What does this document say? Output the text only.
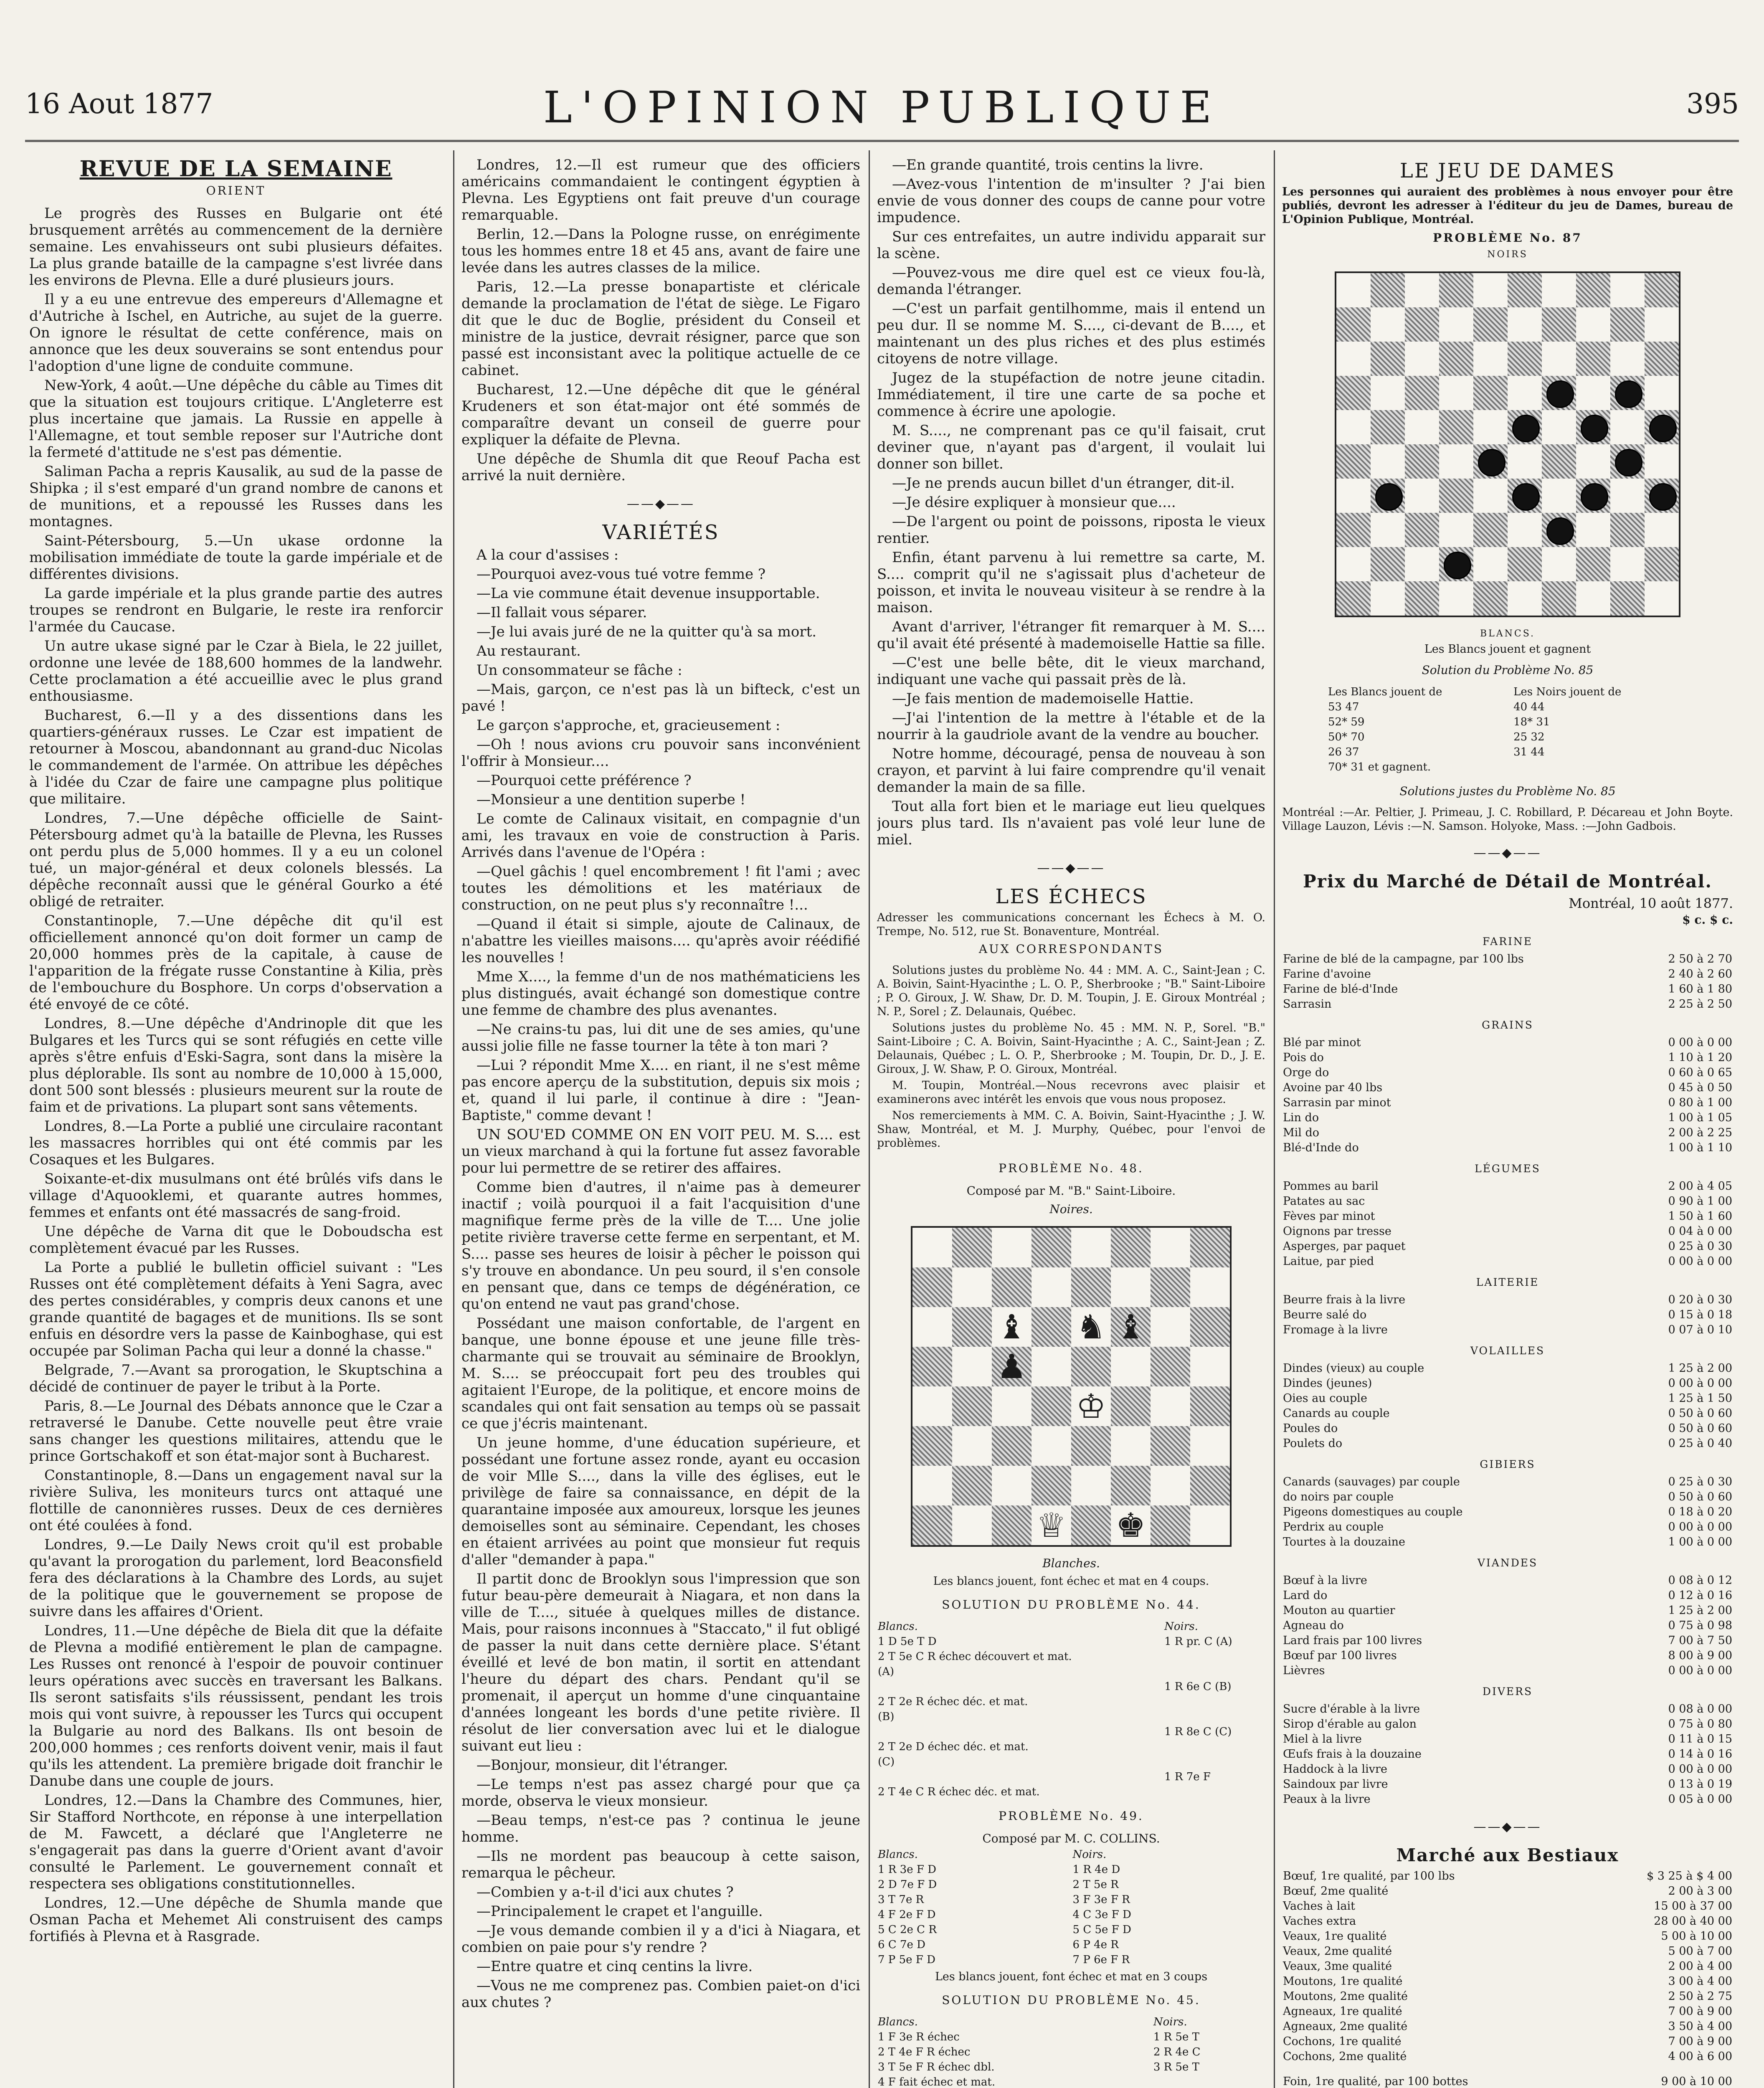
16 Aout 1877	L'OPINION PUBLIQUE	395
REVUE DE LA SEMAINE
ORIENT

Le progrès des Russes en Bulgarie ont été brusquement arrêtés au commencement de la dernière semaine. Les envahisseurs ont subi plusieurs défaites. La plus grande bataille de la campagne s'est livrée dans les environs de Plevna. Elle a duré plusieurs jours.

Il y a eu une entrevue des empereurs d'Allemagne et d'Autriche à Ischel, en Autriche, au sujet de la guerre. On ignore le résultat de cette conférence, mais on annonce que les deux souverains se sont entendus pour l'adoption d'une ligne de conduite commune.

New-York, 4 août.—Une dépêche du câble au Times dit que la situation est toujours critique. L'Angleterre est plus incertaine que jamais. La Russie en appelle à l'Allemagne, et tout semble reposer sur l'Autriche dont la fermeté d'attitude ne s'est pas démentie.

Saliman Pacha a repris Kausalik, au sud de la passe de Shipka ; il s'est emparé d'un grand nombre de canons et de munitions, et a repoussé les Russes dans les montagnes.

Saint-Pétersbourg, 5.—Un ukase ordonne la mobilisation immédiate de toute la garde impériale et de différentes divisions.

La garde impériale et la plus grande partie des autres troupes se rendront en Bulgarie, le reste ira renforcir l'armée du Caucase.

Un autre ukase signé par le Czar à Biela, le 22 juillet, ordonne une levée de 188,600 hommes de la landwehr. Cette proclamation a été accueillie avec le plus grand enthousiasme.

Bucharest, 6.—Il y a des dissentions dans les quartiers-généraux russes. Le Czar est impatient de retourner à Moscou, abandonnant au grand-duc Nicolas le commandement de l'armée. On attribue les dépêches à l'idée du Czar de faire une campagne plus politique que militaire.

Londres, 7.—Une dépêche officielle de Saint-Pétersbourg admet qu'à la bataille de Plevna, les Russes ont perdu plus de 5,000 hommes. Il y a eu un colonel tué, un major-général et deux colonels blessés. La dépêche reconnaît aussi que le général Gourko a été obligé de retraiter.

Constantinople, 7.—Une dépêche dit qu'il est officiellement annoncé qu'on doit former un camp de 20,000 hommes près de la capitale, à cause de l'apparition de la frégate russe Constantine à Kilia, près de l'embouchure du Bosphore. Un corps d'observation a été envoyé de ce côté.

Londres, 8.—Une dépêche d'Andrinople dit que les Bulgares et les Turcs qui se sont réfugiés en cette ville après s'être enfuis d'Eski-Sagra, sont dans la misère la plus déplorable. Ils sont au nombre de 10,000 à 15,000, dont 500 sont blessés : plusieurs meurent sur la route de faim et de privations. La plupart sont sans vêtements.

Londres, 8.—La Porte a publié une circulaire racontant les massacres horribles qui ont été commis par les Cosaques et les Bulgares.

Soixante-et-dix musulmans ont été brûlés vifs dans le village d'Aquooklemi, et quarante autres hommes, femmes et enfants ont été massacrés de sang-froid.

Une dépêche de Varna dit que le Doboudscha est complètement évacué par les Russes.

La Porte a publié le bulletin officiel suivant : "Les Russes ont été complètement défaits à Yeni Sagra, avec des pertes considérables, y compris deux canons et une grande quantité de bagages et de munitions. Ils se sont enfuis en désordre vers la passe de Kainboghase, qui est occupée par Soliman Pacha qui leur a donné la chasse."

Belgrade, 7.—Avant sa prorogation, le Skuptschina a décidé de continuer de payer le tribut à la Porte.

Paris, 8.—Le Journal des Débats annonce que le Czar a retraversé le Danube. Cette nouvelle peut être vraie sans changer les questions militaires, attendu que le prince Gortschakoff et son état-major sont à Bucharest.

Constantinople, 8.—Dans un engagement naval sur la rivière Suliva, les moniteurs turcs ont attaqué une flottille de canonnières russes. Deux de ces dernières ont été coulées à fond.

Londres, 9.—Le Daily News croit qu'il est probable qu'avant la prorogation du parlement, lord Beaconsfield fera des déclarations à la Chambre des Lords, au sujet de la politique que le gouvernement se propose de suivre dans les affaires d'Orient.

Londres, 11.—Une dépêche de Biela dit que la défaite de Plevna a modifié entièrement le plan de campagne. Les Russes ont renoncé à l'espoir de pouvoir continuer leurs opérations avec succès en traversant les Balkans. Ils seront satisfaits s'ils réussissent, pendant les trois mois qui vont suivre, à repousser les Turcs qui occupent la Bulgarie au nord des Balkans. Ils ont besoin de 200,000 hommes ; ces renforts doivent venir, mais il faut qu'ils les attendent. La première brigade doit franchir le Danube dans une couple de jours.

Londres, 12.—Dans la Chambre des Communes, hier, Sir Stafford Northcote, en réponse à une interpellation de M. Fawcett, a déclaré que l'Angleterre ne s'engagerait pas dans la guerre d'Orient avant d'avoir consulté le Parlement. Le gouvernement connaît et respectera ses obligations constitutionnelles.

Londres, 12.—Une dépêche de Shumla mande que Osman Pacha et Mehemet Ali construisent des camps fortifiés à Plevna et à Rasgrade.

Londres, 12.—Il est rumeur que des officiers américains commandaient le contingent égyptien à Plevna. Les Egyptiens ont fait preuve d'un courage remarquable.

Berlin, 12.—Dans la Pologne russe, on enrégimente tous les hommes entre 18 et 45 ans, avant de faire une levée dans les autres classes de la milice.

Paris, 12.—La presse bonapartiste et cléricale demande la proclamation de l'état de siège. Le Figaro dit que le duc de Boglie, président du Conseil et ministre de la justice, devrait résigner, parce que son passé est inconsistant avec la politique actuelle de ce cabinet.

Bucharest, 12.—Une dépêche dit que le général Krudeners et son état-major ont été sommés de comparaître devant un conseil de guerre pour expliquer la défaite de Plevna.

Une dépêche de Shumla dit que Reouf Pacha est arrivé la nuit dernière.

——◆——
VARIÉTÉS

A la cour d'assises :

—Pourquoi avez-vous tué votre femme ?

—La vie commune était devenue insupportable.

—Il fallait vous séparer.

—Je lui avais juré de ne la quitter qu'à sa mort.

Au restaurant.

Un consommateur se fâche :

—Mais, garçon, ce n'est pas là un bifteck, c'est un pavé !

Le garçon s'approche, et, gracieusement :

—Oh ! nous avions cru pouvoir sans inconvénient l'offrir à Monsieur....

—Pourquoi cette préférence ?

—Monsieur a une dentition superbe !

Le comte de Calinaux visitait, en compagnie d'un ami, les travaux en voie de construction à Paris. Arrivés dans l'avenue de l'Opéra :

—Quel gâchis ! quel encombrement ! fit l'ami ; avec toutes les démolitions et les matériaux de construction, on ne peut plus s'y reconnaître !...

—Quand il était si simple, ajoute de Calinaux, de n'abattre les vieilles maisons.... qu'après avoir réédifié les nouvelles !

Mme X...., la femme d'un de nos mathématiciens les plus distingués, avait échangé son domestique contre une femme de chambre des plus avenantes.

—Ne crains-tu pas, lui dit une de ses amies, qu'une aussi jolie fille ne fasse tourner la tête à ton mari ?

—Lui ? répondit Mme X.... en riant, il ne s'est même pas encore aperçu de la substitution, depuis six mois ; et, quand il lui parle, il continue à dire : "Jean-Baptiste," comme devant !

UN SOU'ED COMME ON EN VOIT PEU. M. S.... est un vieux marchand à qui la fortune fut assez favorable pour lui permettre de se retirer des affaires.

Comme bien d'autres, il n'aime pas à demeurer inactif ; voilà pourquoi il a fait l'acquisition d'une magnifique ferme près de la ville de T.... Une jolie petite rivière traverse cette ferme en serpentant, et M. S.... passe ses heures de loisir à pêcher le poisson qui s'y trouve en abondance. Un peu sourd, il s'en console en pensant que, dans ce temps de dégénération, ce qu'on entend ne vaut pas grand'chose.

Possédant une maison confortable, de l'argent en banque, une bonne épouse et une jeune fille très-charmante qui se trouvait au séminaire de Brooklyn, M. S.... se préoccupait fort peu des troubles qui agitaient l'Europe, de la politique, et encore moins de scandales qui ont fait sensation au temps où se passait ce que j'écris maintenant.

Un jeune homme, d'une éducation supérieure, et possédant une fortune assez ronde, ayant eu occasion de voir Mlle S...., dans la ville des églises, eut le privilège de faire sa connaissance, en dépit de la quarantaine imposée aux amoureux, lorsque les jeunes demoiselles sont au séminaire. Cependant, les choses en étaient arrivées au point que monsieur fut requis d'aller "demander à papa."

Il partit donc de Brooklyn sous l'impression que son futur beau-père demeurait à Niagara, et non dans la ville de T...., située à quelques milles de distance. Mais, pour raisons inconnues à "Staccato," il fut obligé de passer la nuit dans cette dernière place. S'étant éveillé et levé de bon matin, il sortit en attendant l'heure du départ des chars. Pendant qu'il se promenait, il aperçut un homme d'une cinquantaine d'années longeant les bords d'une petite rivière. Il résolut de lier conversation avec lui et le dialogue suivant eut lieu :

—Bonjour, monsieur, dit l'étranger.

—Le temps n'est pas assez chargé pour que ça morde, observa le vieux monsieur.

—Beau temps, n'est-ce pas ? continua le jeune homme.

—Ils ne mordent pas beaucoup à cette saison, remarqua le pêcheur.

—Combien y a-t-il d'ici aux chutes ?

—Principalement le crapet et l'anguille.

—Je vous demande combien il y a d'ici à Niagara, et combien on paie pour s'y rendre ?

—Entre quatre et cinq centins la livre.

—Vous ne me comprenez pas. Combien paiet-on d'ici aux chutes ?

—En grande quantité, trois centins la livre.

—Avez-vous l'intention de m'insulter ? J'ai bien envie de vous donner des coups de canne pour votre impudence.

Sur ces entrefaites, un autre individu apparait sur la scène.

—Pouvez-vous me dire quel est ce vieux fou-là, demanda l'étranger.

—C'est un parfait gentilhomme, mais il entend un peu dur. Il se nomme M. S...., ci-devant de B...., et maintenant un des plus riches et des plus estimés citoyens de notre village.

Jugez de la stupéfaction de notre jeune citadin. Immédiatement, il tire une carte de sa poche et commence à écrire une apologie.

M. S...., ne comprenant pas ce qu'il faisait, crut deviner que, n'ayant pas d'argent, il voulait lui donner son billet.

—Je ne prends aucun billet d'un étranger, dit-il.

—Je désire expliquer à monsieur que....

—De l'argent ou point de poissons, riposta le vieux rentier.

Enfin, étant parvenu à lui remettre sa carte, M. S.... comprit qu'il ne s'agissait plus d'acheteur de poisson, et invita le nouveau visiteur à se rendre à la maison.

Avant d'arriver, l'étranger fit remarquer à M. S.... qu'il avait été présenté à mademoiselle Hattie sa fille.

—C'est une belle bête, dit le vieux marchand, indiquant une vache qui passait près de là.

—Je fais mention de mademoiselle Hattie.

—J'ai l'intention de la mettre à l'étable et de la nourrir à la gaudriole avant de la vendre au boucher.

Notre homme, découragé, pensa de nouveau à son crayon, et parvint à lui faire comprendre qu'il venait demander la main de sa fille.

Tout alla fort bien et le mariage eut lieu quelques jours plus tard. Ils n'avaient pas volé leur lune de miel.

——◆——
LES ÉCHECS

Adresser les communications concernant les Échecs à M. O. Trempe, No. 512, rue St. Bonaventure, Montréal.

AUX CORRESPONDANTS

Solutions justes du problème No. 44 : MM. A. C., Saint-Jean ; C. A. Boivin, Saint-Hyacinthe ; L. O. P., Sherbrooke ; "B." Saint-Liboire ; P. O. Giroux, J. W. Shaw, Dr. D. M. Toupin, J. E. Giroux Montréal ; N. P., Sorel ; Z. Delaunais, Québec.

Solutions justes du problème No. 45 : MM. N. P., Sorel. "B." Saint-Liboire ; C. A. Boivin, Saint-Hyacinthe ; A. C., Saint-Jean ; Z. Delaunais, Québec ; L. O. P., Sherbrooke ; M. Toupin, Dr. D., J. E. Giroux, J. W. Shaw, P. O. Giroux, Montréal.

M. Toupin, Montréal.—Nous recevrons avec plaisir et examinerons avec intérêt les envois que vous nous proposez.

Nos remerciements à MM. C. A. Boivin, Saint-Hyacinthe ; J. W. Shaw, Montréal, et M. J. Murphy, Québec, pour l'envoi de problèmes.

PROBLÈME No. 48.
Composé par M. "B." Saint-Liboire.
Noires.
♝ ♞ ♝
♟
♔
♕ ♚
Blanches.
Les blancs jouent, font échec et mat en 4 coups.
SOLUTION DU PROBLÈME No. 44.
Blancs.	Noirs.
1 D 5e T D	1 R pr. C (A)
2 T 5e C R échec découvert et mat.	
(A)	
	1 R 6e C (B)
2 T 2e R échec déc. et mat.	
(B)	
	1 R 8e C (C)
2 T 2e D échec déc. et mat.	
(C)	
	1 R 7e F
2 T 4e C R échec déc. et mat.	
PROBLÈME No. 49.
Composé par M. C. COLLINS.
Blancs.	Noirs.
1 R 3e F D	1 R 4e D
2 D 7e F D	2 T 5e R
3 T 7e R	3 F 3e F R
4 F 2e F D	4 C 3e F D
5 C 2e C R	5 C 5e F D
6 C 7e D	6 P 4e R
7 P 5e F D	7 P 6e F R
Les blancs jouent, font échec et mat en 3 coups
SOLUTION DU PROBLÈME No. 45.
Blancs.	Noirs.
1 F 3e R échec	1 R 5e T
2 T 4e F R échec	2 R 4e C
3 T 5e F R échec dbl.	3 R 5e T
4 F fait échec et mat.	
LE JEU DE DAMES

Les personnes qui auraient des problèmes à nous envoyer pour être publiés, devront les adresser à l'éditeur du jeu de Dames, bureau de L'Opinion Publique, Montréal.

PROBLÈME No. 87
NOIRS
BLANCS.
Les Blancs jouent et gagnent
Solution du Problème No. 85
Les Blancs jouent de	Les Noirs jouent de
53 47	40 44
52* 59	18* 31
50* 70	25 32
26 37	31 44
70* 31 et gagnent.	
Solutions justes du Problème No. 85

Montréal :—Ar. Peltier, J. Primeau, J. C. Robillard, P. Décareau et John Boyte. Village Lauzon, Lévis :—N. Samson. Holyoke, Mass. :—John Gadbois.

——◆——
Prix du Marché de Détail de Montréal.
Montréal, 10 août 1877.
$ c. $ c.
FARINE
Farine de blé de la campagne, par 100 lbs	2 50 à 2 70
Farine d'avoine	2 40 à 2 60
Farine de blé-d'Inde	1 60 à 1 80
Sarrasin	2 25 à 2 50
GRAINS
Blé par minot	0 00 à 0 00
Pois do	1 10 à 1 20
Orge do	0 60 à 0 65
Avoine par 40 lbs	0 45 à 0 50
Sarrasin par minot	0 80 à 1 00
Lin do	1 00 à 1 05
Mil do	2 00 à 2 25
Blé-d'Inde do	1 00 à 1 10
LÉGUMES
Pommes au baril	2 00 à 4 05
Patates au sac	0 90 à 1 00
Fèves par minot	1 50 à 1 60
Oignons par tresse	0 04 à 0 00
Asperges, par paquet	0 25 à 0 30
Laitue, par pied	0 00 à 0 00
LAITERIE
Beurre frais à la livre	0 20 à 0 30
Beurre salé do	0 15 à 0 18
Fromage à la livre	0 07 à 0 10
VOLAILLES
Dindes (vieux) au couple	1 25 à 2 00
Dindes (jeunes)	0 00 à 0 00
Oies au couple	1 25 à 1 50
Canards au couple	0 50 à 0 60
Poules do	0 50 à 0 60
Poulets do	0 25 à 0 40
GIBIERS
Canards (sauvages) par couple	0 25 à 0 30
do noirs par couple	0 50 à 0 60
Pigeons domestiques au couple	0 18 à 0 20
Perdrix au couple	0 00 à 0 00
Tourtes à la douzaine	1 00 à 0 00
VIANDES
Bœuf à la livre	0 08 à 0 12
Lard do	0 12 à 0 16
Mouton au quartier	1 25 à 2 00
Agneau do	0 75 à 0 98
Lard frais par 100 livres	7 00 à 7 50
Bœuf par 100 livres	8 00 à 9 00
Lièvres	0 00 à 0 00
DIVERS
Sucre d'érable à la livre	0 08 à 0 00
Sirop d'érable au galon	0 75 à 0 80
Miel à la livre	0 11 à 0 15
Œufs frais à la douzaine	0 14 à 0 16
Haddock à la livre	0 00 à 0 00
Saindoux par livre	0 13 à 0 19
Peaux à la livre	0 05 à 0 00
——◆——
Marché aux Bestiaux
Bœuf, 1re qualité, par 100 lbs	$ 3 25 à $ 4 00
Bœuf, 2me qualité	2 00 à 3 00
Vaches à lait	15 00 à 37 00
Vaches extra	28 00 à 40 00
Veaux, 1re qualité	5 00 à 10 00
Veaux, 2me qualité	5 00 à 7 00
Veaux, 3me qualité	2 00 à 4 00
Moutons, 1re qualité	3 00 à 4 00
Moutons, 2me qualité	2 50 à 2 75
Agneaux, 1re qualité	7 00 à 9 00
Agneaux, 2me qualité	3 50 à 4 00
Cochons, 1re qualité	7 00 à 9 00
Cochons, 2me qualité	4 00 à 6 00
Foin, 1re qualité, par 100 bottes	9 00 à 10 00
